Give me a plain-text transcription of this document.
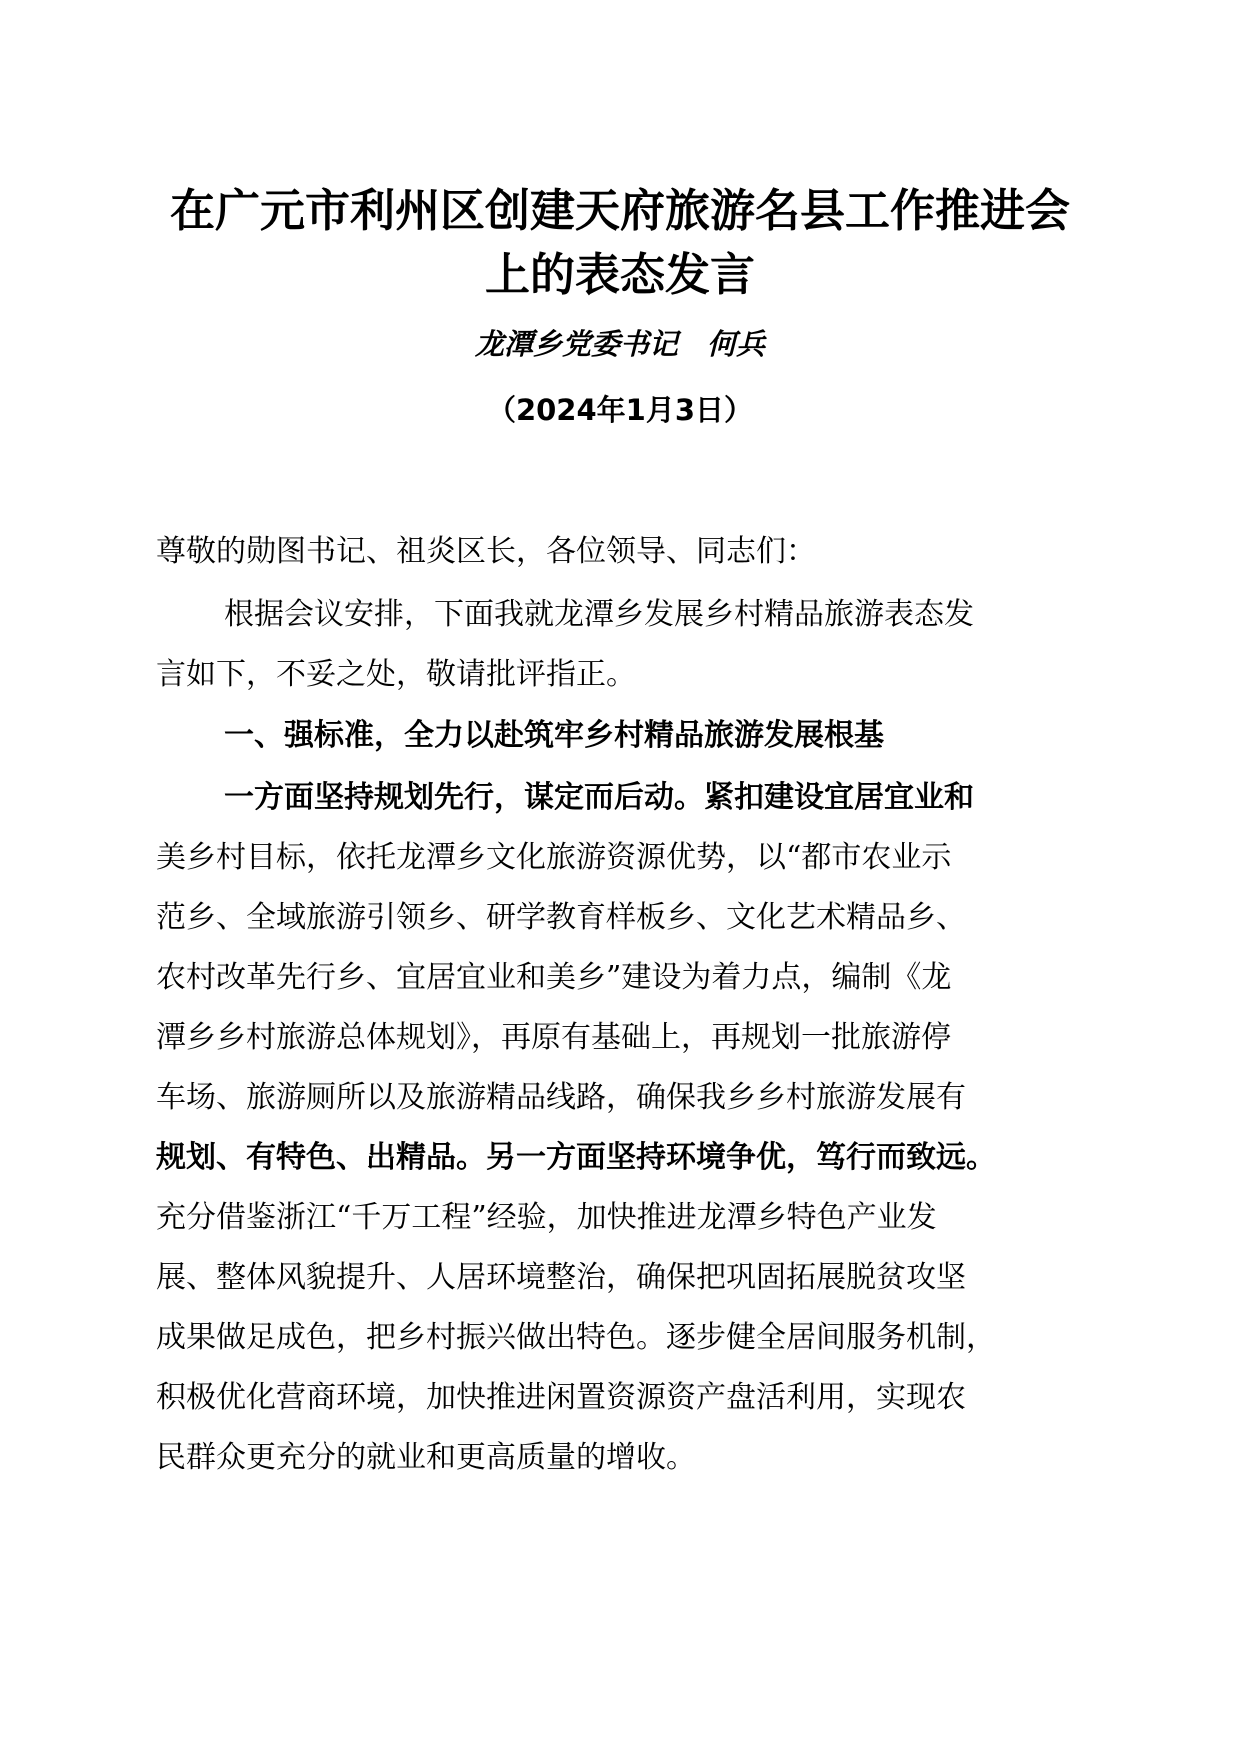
在广元市利州区创建天府旅游名县工作推进会
上的表态发言
龙潭乡党委书记　何兵
（2024年1月3日）
尊敬的勋图书记、祖炎区长，各位领导、同志们：
根据会议安排，下面我就龙潭乡发展乡村精品旅游表态发
言如下，不妥之处，敬请批评指正。
一、强标准，全力以赴筑牢乡村精品旅游发展根基
一方面坚持规划先行，谋定而后动。紧扣建设宜居宜业和
美乡村目标，依托龙潭乡文化旅游资源优势，以“都市农业示
范乡、全域旅游引领乡、研学教育样板乡、文化艺术精品乡、
农村改革先行乡、宜居宜业和美乡”建设为着力点，编制《龙
潭乡乡村旅游总体规划》，再原有基础上，再规划一批旅游停
车场、旅游厕所以及旅游精品线路，确保我乡乡村旅游发展有
规划、有特色、出精品。另一方面坚持环境争优，笃行而致远。
充分借鉴浙江“千万工程”经验，加快推进龙潭乡特色产业发
展、整体风貌提升、人居环境整治，确保把巩固拓展脱贫攻坚
成果做足成色，把乡村振兴做出特色。逐步健全居间服务机制，
积极优化营商环境，加快推进闲置资源资产盘活利用，实现农
民群众更充分的就业和更高质量的增收。
